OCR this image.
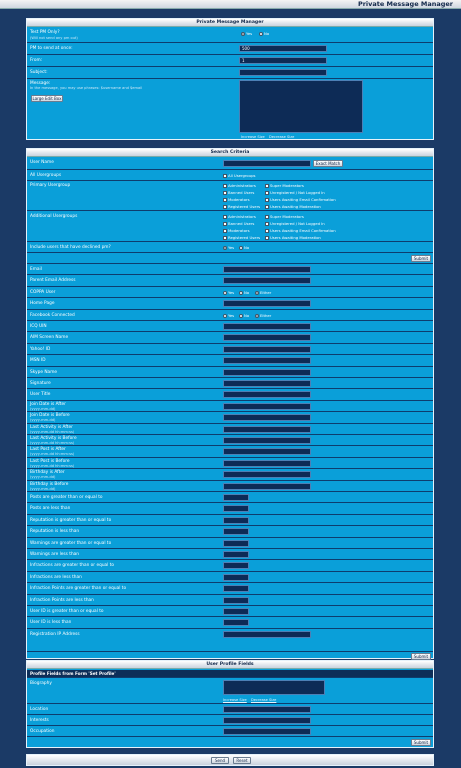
Private Message Manager
Private Message Manager
Test PM Only?
(Will not send any pm out)
Yes	No
PM to send at once:	500
From:	1
Subject:
Message:
In the message, you may use phrases: $username and $email
Large Edit Box
Increase Size Decrease Size
Search Criteria
User Name	Exact Match
All Usergroups	All Usergroups
Primary Usergroup	Administrators	Super Moderators
Banned Users	Unregistered / Not Logged In
Moderators	Users Awaiting Email Confirmation
Registered Users	Users Awaiting Moderation
Additional Usergroups	Administrators	Super Moderators
Banned Users	Unregistered / Not Logged In
Moderators	Users Awaiting Email Confirmation
Registered Users	Users Awaiting Moderation
Include users that have declined pm?	Yes	No
Submit
Email
Parent Email Address
COPPA User	Yes	No	Either
Home Page
Facebook Connected	Yes	No	Either
ICQ UIN
AIM Screen Name
Yahoo! ID
MSN ID
Skype Name
Signature
User Title
Join Date is After
(yyyy-mm-dd)
Join Date is Before
(yyyy-mm-dd)
Last Activity is After
(yyyy-mm-dd hh:mm:ss)
Last Activity is Before
(yyyy-mm-dd hh:mm:ss)
Last Post is After
(yyyy-mm-dd hh:mm:ss)
Last Post is Before
(yyyy-mm-dd hh:mm:ss)
Birthday is After
(yyyy-mm-dd)
Birthday is Before
(yyyy-mm-dd)
Posts are greater than or equal to
Posts are less than
Reputation is greater than or equal to
Reputation is less than
Warnings are greater than or equal to
Warnings are less than
Infractions are greater than or equal to
Infractions are less than
Infraction Points are greater than or equal to
Infraction Points are less than
User ID is greater than or equal to
User ID is less than
Registration IP Address
Submit
User Profile Fields
Profile Fields from Form 'Set Profile'
Biography
Increase Size Decrease Size
Location
Interests
Occupation
Submit
Send	Reset
